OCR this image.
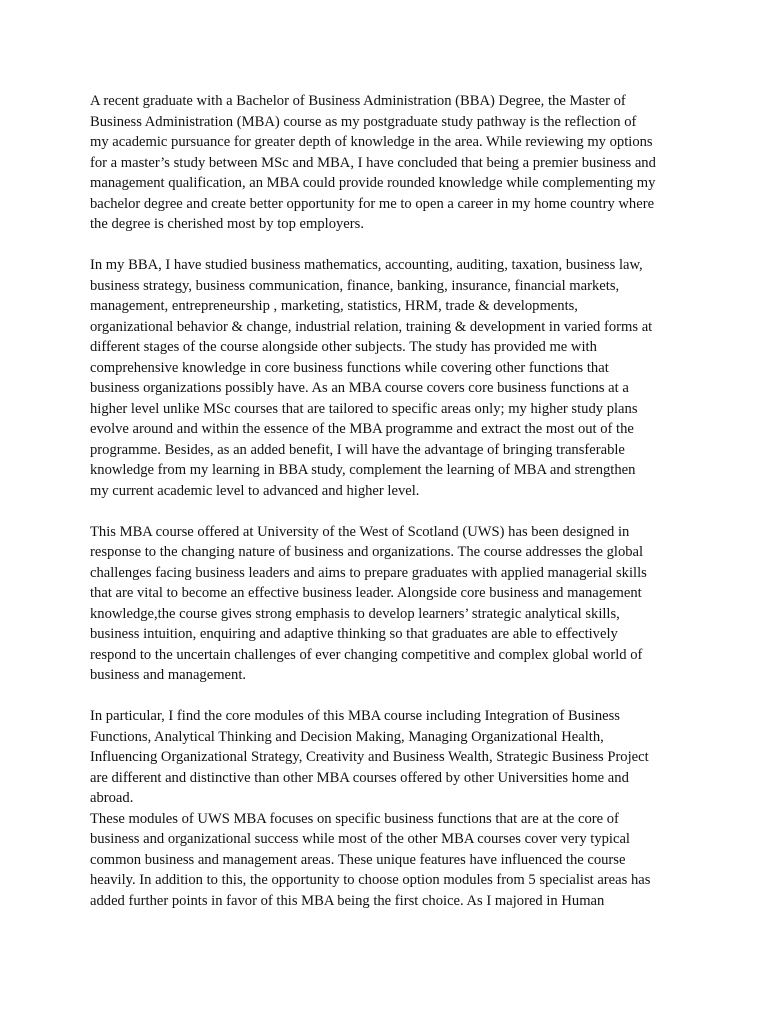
A recent graduate with a Bachelor of Business Administration (BBA) Degree, the Master of
Business Administration (MBA) course as my postgraduate study pathway is the reflection of
my academic pursuance for greater depth of knowledge in the area. While reviewing my options
for a master’s study between MSc and MBA, I have concluded that being a premier business and
management qualification, an MBA could provide rounded knowledge while complementing my
bachelor degree and create better opportunity for me to open a career in my home country where
the degree is cherished most by top employers.

In my BBA, I have studied business mathematics, accounting, auditing, taxation, business law,
business strategy, business communication, finance, banking, insurance, financial markets,
management, entrepreneurship , marketing, statistics, HRM, trade & developments,
organizational behavior & change, industrial relation, training & development in varied forms at
different stages of the course alongside other subjects. The study has provided me with
comprehensive knowledge in core business functions while covering other functions that
business organizations possibly have. As an MBA course covers core business functions at a
higher level unlike MSc courses that are tailored to specific areas only; my higher study plans
evolve around and within the essence of the MBA programme and extract the most out of the
programme. Besides, as an added benefit, I will have the advantage of bringing transferable
knowledge from my learning in BBA study, complement the learning of MBA and strengthen
my current academic level to advanced and higher level.

This MBA course offered at University of the West of Scotland (UWS) has been designed in
response to the changing nature of business and organizations. The course addresses the global
challenges facing business leaders and aims to prepare graduates with applied managerial skills
that are vital to become an effective business leader. Alongside core business and management
knowledge,the course gives strong emphasis to develop learners’ strategic analytical skills,
business intuition, enquiring and adaptive thinking so that graduates are able to effectively
respond to the uncertain challenges of ever changing competitive and complex global world of
business and management.

In particular, I find the core modules of this MBA course including Integration of Business
Functions, Analytical Thinking and Decision Making, Managing Organizational Health,
Influencing Organizational Strategy, Creativity and Business Wealth, Strategic Business Project
are different and distinctive than other MBA courses offered by other Universities home and
abroad.

These modules of UWS MBA focuses on specific business functions that are at the core of
business and organizational success while most of the other MBA courses cover very typical
common business and management areas. These unique features have influenced the course
heavily. In addition to this, the opportunity to choose option modules from 5 specialist areas has
added further points in favor of this MBA being the first choice. As I majored in Human
